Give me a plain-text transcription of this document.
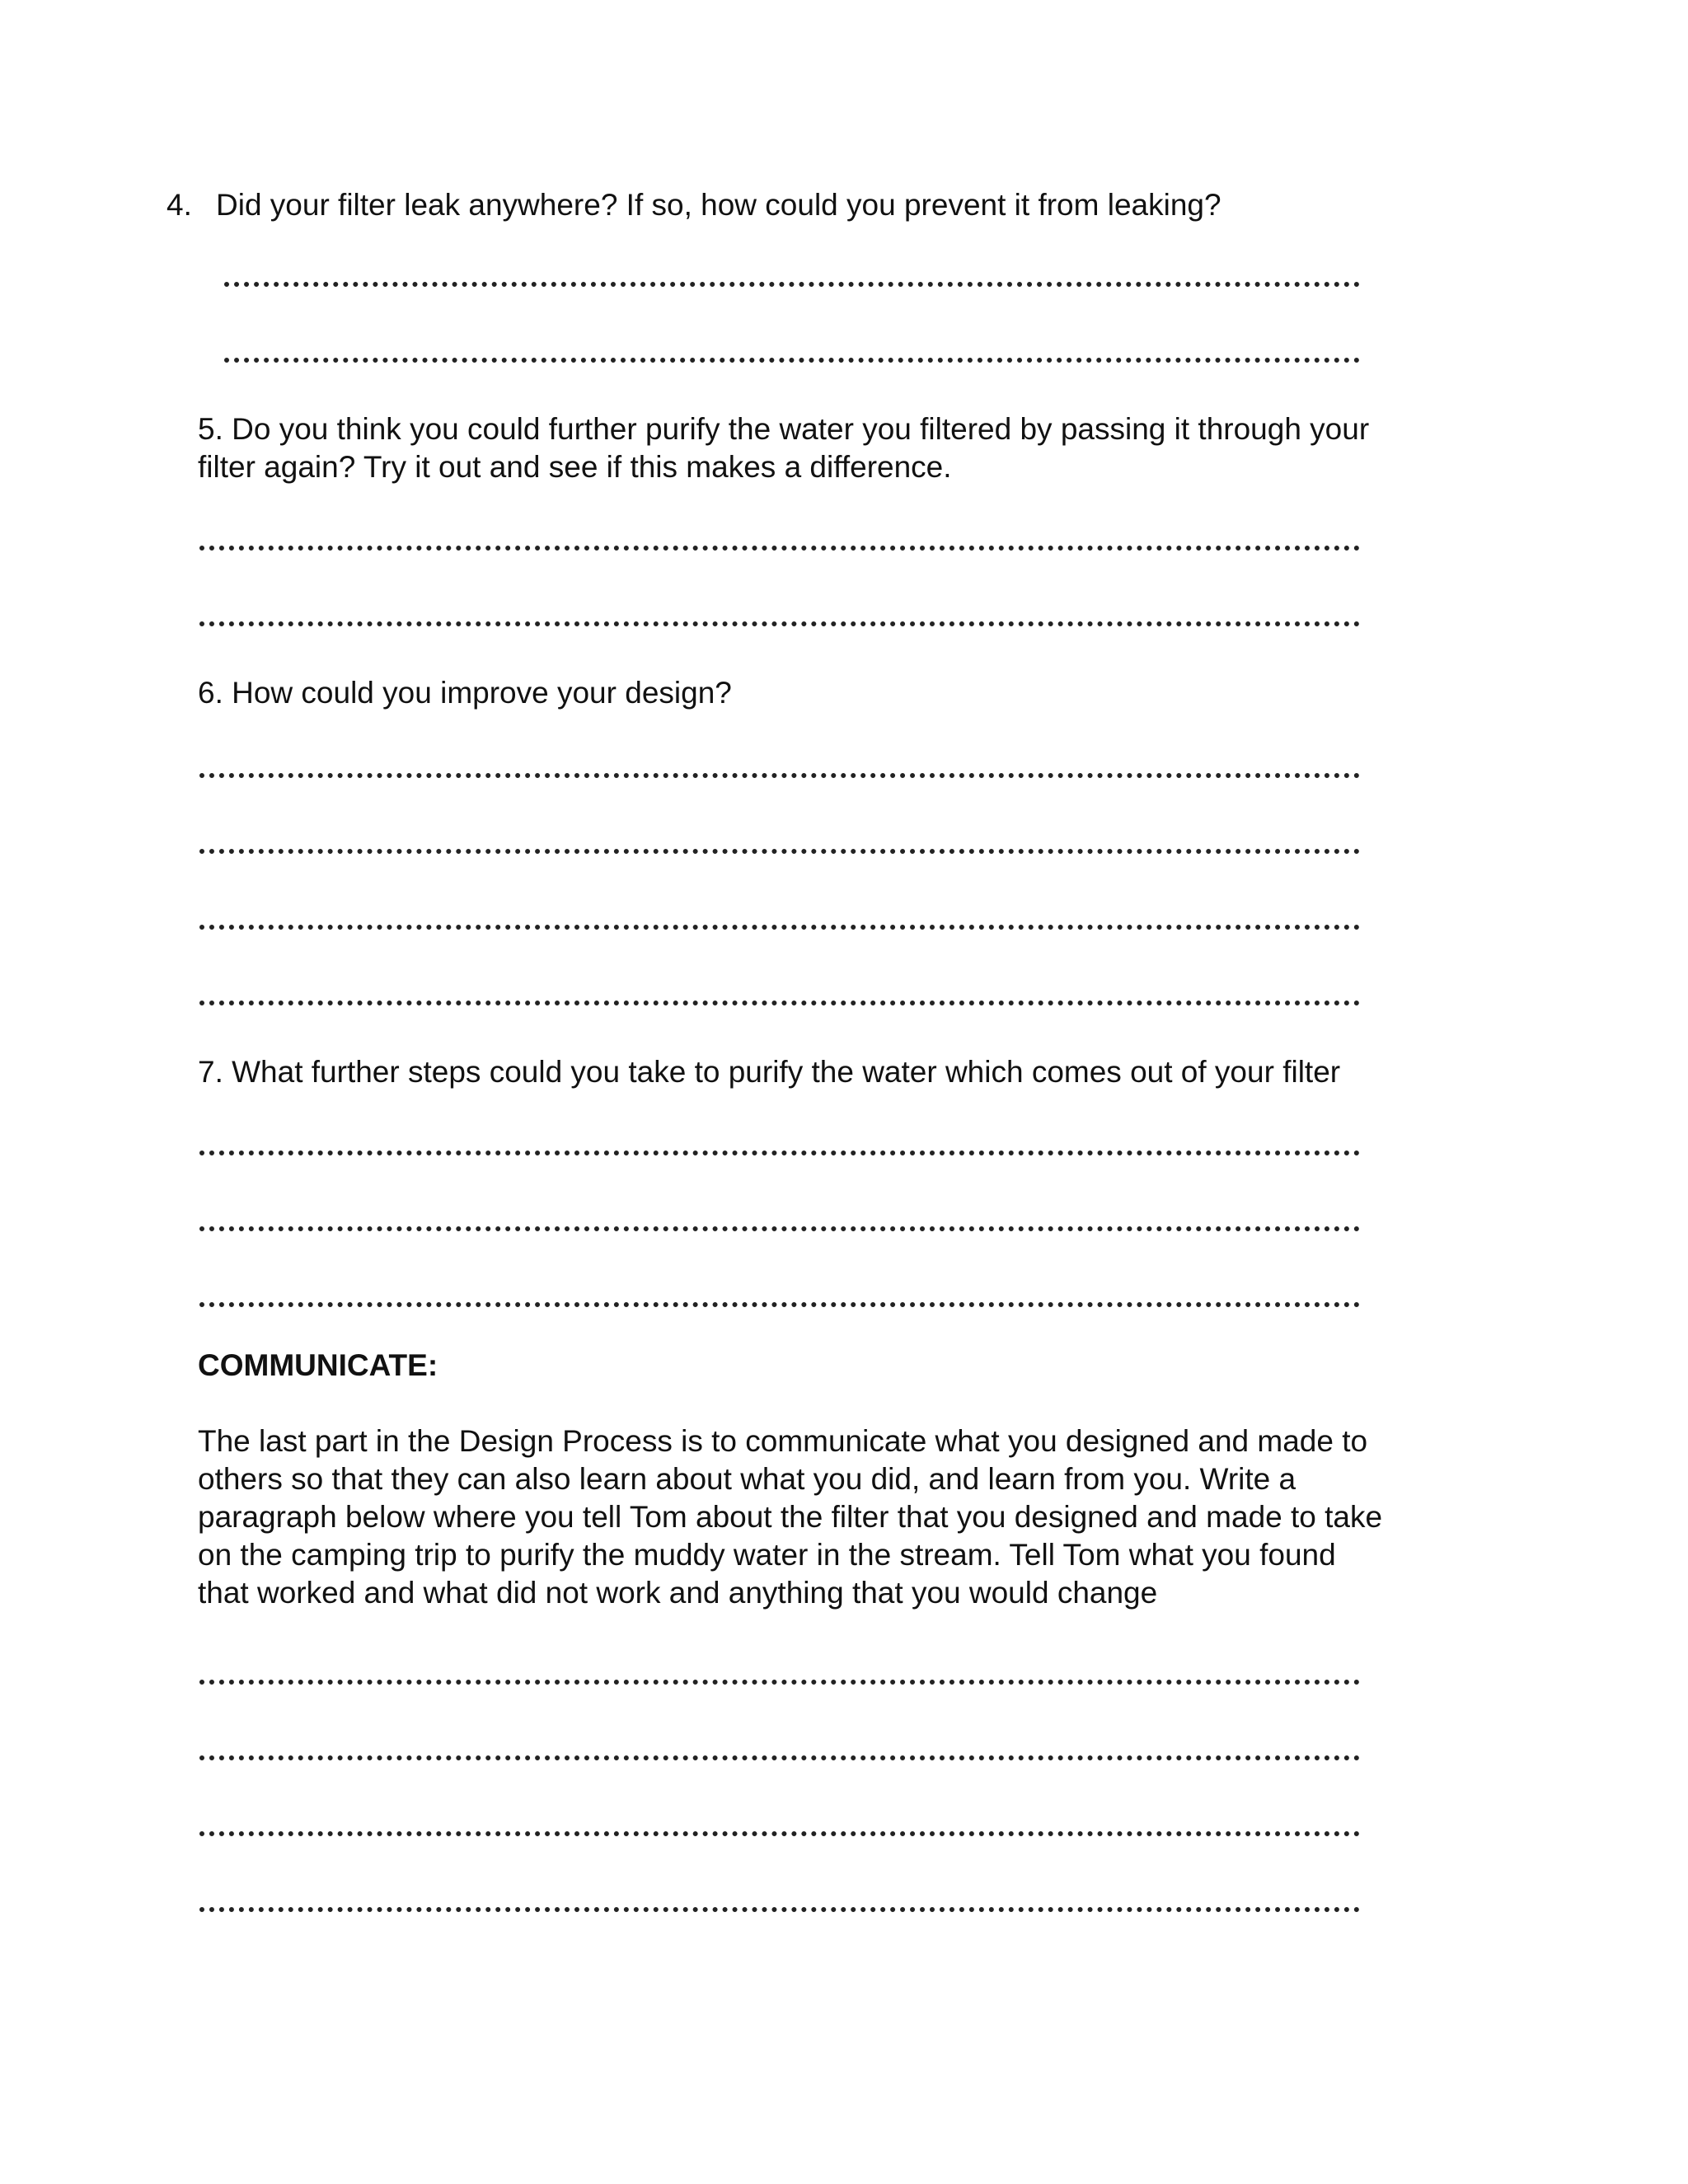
4. Did your filter leak anywhere? If so, how could you prevent it from leaking?
5. Do you think you could further purify the water you filtered by passing it through your
filter again? Try it out and see if this makes a difference.
6. How could you improve your design?
7. What further steps could you take to purify the water which comes out of your filter
COMMUNICATE:
The last part in the Design Process is to communicate what you designed and made to
others so that they can also learn about what you did, and learn from you. Write a
paragraph below where you tell Tom about the filter that you designed and made to take
on the camping trip to purify the muddy water in the stream. Tell Tom what you found
that worked and what did not work and anything that you would change
